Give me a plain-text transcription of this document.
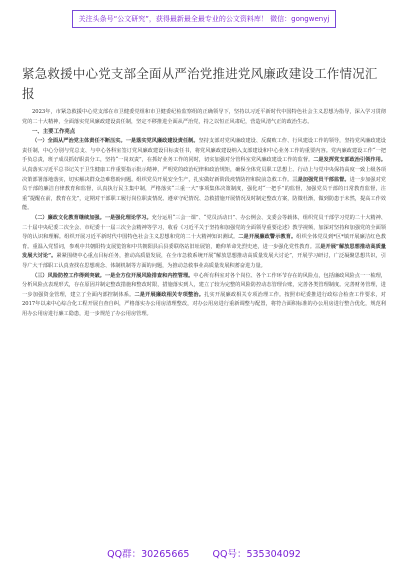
关注头条号“公文研究”，获得最新最全最专业的公文资料库！ 微信：gongwenyj
紧急救援中心党支部全面从严治党推进党风廉政建设工作情况汇报

2023年，市紧急救援中心党支部在市卫健委党组和市卫健委纪检监察组的正确领导下，坚持以习近平新时代中国特色社会主义思想为指导，深入学习贯彻党的二十大精神，全面落实党风廉政建设责任制，坚定不移推进全面从严治党，持之以恒正风肃纪，营造风清气正的政治生态。

一、主要工作亮点

（一）全面从严治党主体责任不断压实。一是落实党风廉政建设责任制。坚持支部对党风廉政建设、反腐败工作、行风建设工作的领导，坚持党风廉政建设责任制，中心分别与党总支、与中心各科室签订党风廉政建设目标责任书，将党风廉政建设纳入支部建设和中心业务工作的重要内容。党内廉政建设工作“一把手负总责，班子成员抓好职责分工，坚持“一岗双责”，在抓好业务工作的同时，切实加强对分管科室党风廉政建设工作的监督。二是发挥党支部政治引领作用。认真落实习近平总书记关于卫生健康工作重要指示批示精神，严明党的政治纪律和政治规矩，确保全体党员职工思想上、行动上与党中央保持高度一致上级各项决策部署落地落实，切实解决群众急难愁盼问题。组织党员开展安全生产，扎实做好新阶段疫情防控和院前急救工作。三是加强党员干部监督。进一步加强对党员干部的廉洁自律教育和监督，认真执行民主集中制，严格落实“三重一大”事项集体决策制度，强化对“一把手”的监督，加强党员干部的日常教育监督，注重“提醒在前，教育在先”，定期对干部职工履行岗位职责情况、遵章守纪情况、急救措施开展情况及时制定整改方案，防微杜渐，做到防患于未然，提高工作效能。

（二）廉政文化教育继续加强。一是强化理论学习。充分运用“三会一课”、“党员活动日”、办公例会、支委会等载体，组织党员干部学习党的二十大精神、二十届中央纪委二次全会、市纪委十一届三次全会精神等学习，收看《习近平关于坚持和加强党的全面领导重要论述》教学视频，加深对坚持和加强党的全面领导的认识和理解。组织开展习近平新时代中国特色社会主义思想和党的二十大精神知识测试。二是开展廉政警示教育。组织全体党员到*区*镇开展廉洁红色教育。重温入党誓词，参观中共朝阳特支展览馆和中共朝阳县后县委联络站旧址展馆，瞻仰革命先烈史迹，进一步强化党性教育。三是开展“解放思想推动高质量发展大讨论”。紧紧围绕中心重点目标任务，推动高质量发展，在全市急救系统开展“解放思想推动高质量发展大讨论”，开展学习研讨，广泛凝聚思想共识，引导广大干部职工认真查找在思想观念、体制机制等方面的问题，为推动急救事业高质量发展积蓄奋进力量。

（三）风险防控工作得到突破。一是全方位开展风险排查和内控管理。中心所有科室对各个岗位、各个工作环节存在的风险点，包括廉政风险点一一梳理，分析风险点表现形式，存在原因并制定整改措施和整改时限，措施落实到人，建立了较为完整的风险防控动态管理台账，完善各类管理制度。完善财务管理，进一步加强资金管理，建立了全面内部控制体系。二是开展廉政相关专项整治。扎实开展廉政相关专项治理工作。按照市纪委推进行政综合检查工作要求，对2017年以来中心综合化工程开展自查自纠，严格落实办公用房清理整改，对办公用房进行重新调整与配置，将符合面积标准的办公用房进行整合优化，规范利用办公用房进行廉工隐患，进一步规范了办公用房管理。

QQ群：30265665 QQ号：535304092
